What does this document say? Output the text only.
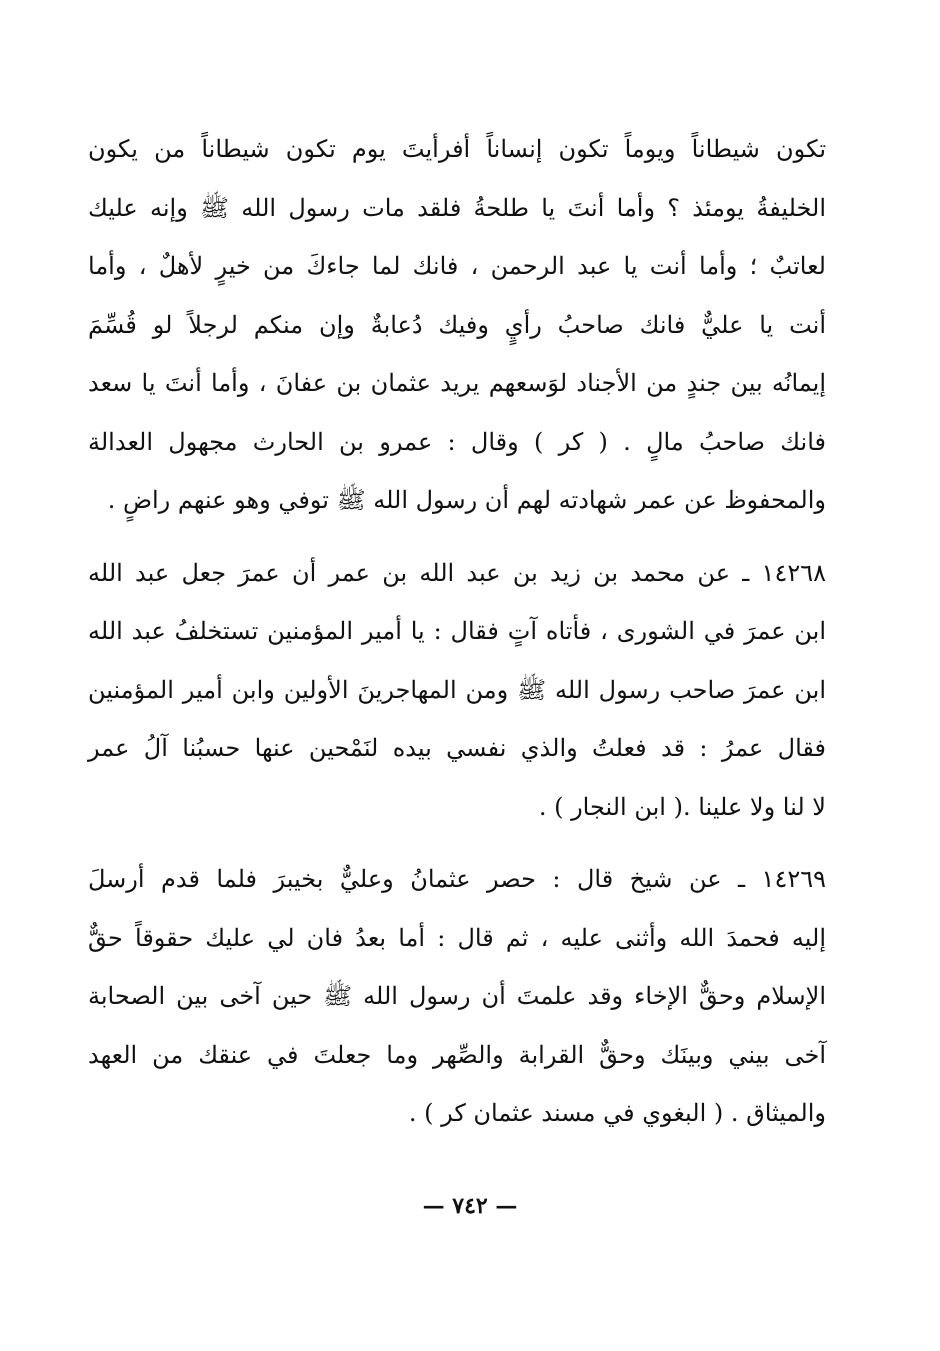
تكون شيطاناً ويوماً تكون إنساناً أفرأيتَ يوم تكون شيطاناً من يكون
الخليفةُ يومئذ ؟ وأما أنتَ يا طلحةُ فلقد مات رسول الله ﷺ وإنه عليك
لعاتبٌ ؛ وأما أنت يا عبد الرحمن ، فانك لما جاءكَ من خيرٍ لأهلٌ ، وأما
أنت يا عليٌّ فانك صاحبُ رأيٍ وفيك دُعابةٌ وإن منكم لرجلاً لو قُسِّمَ
إيمانُه بين جندٍ من الأجناد لوَسعهم يريد عثمان بن عفانَ ، وأما أنتَ يا سعد
فانك صاحبُ مالٍ . ( كر ) وقال : عمرو بن الحارث مجهول العدالة
والمحفوظ عن عمر شهادته لهم أن رسول الله ﷺ توفي وهو عنهم راضٍ .

١٤٢٦٨ ـ عن محمد بن زيد بن عبد الله بن عمر أن عمرَ جعل عبد الله
ابن عمرَ في الشورى ، فأتاه آتٍ فقال : يا أمير المؤمنين تستخلفُ عبد الله
ابن عمرَ صاحب رسول الله ﷺ ومن المهاجرينَ الأولين وابن أمير المؤمنين
فقال عمرُ : قد فعلتُ والذي نفسي بيده لنَمْحين عنها حسبُنا آلُ عمر
لا لنا ولا علينا .( ابن النجار ) .

١٤٢٦٩ ـ عن شيخ قال : حصر عثمانُ وعليٌّ بخيبرَ فلما قدم أرسلَ
إليه فحمدَ الله وأثنى عليه ، ثم قال : أما بعدُ فان لي عليك حقوقاً حقٌّ
الإسلام وحقٌّ الإخاء وقد علمتَ أن رسول الله ﷺ حين آخى بين الصحابة
آخى بيني وبينَك وحقٌّ القرابة والصِّهر وما جعلتَ في عنقك من العهد
والميثاق . ( البغوي في مسند عثمان كر ) .

— ٧٤٢ —
